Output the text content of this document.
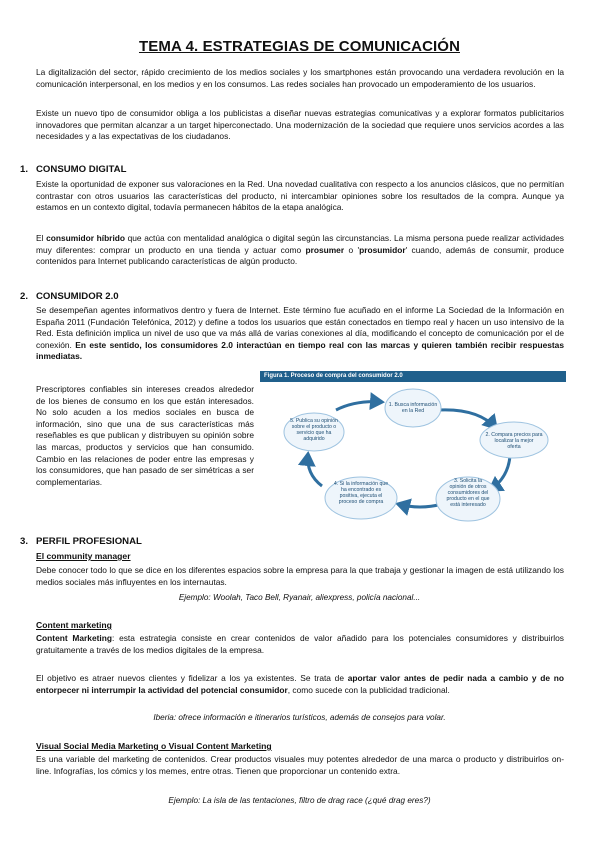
TEMA 4. ESTRATEGIAS DE COMUNICACIÓN

La digitalización del sector, rápido crecimiento de los medios sociales y los smartphones están provocando una verdadera revolución en la comunicación interpersonal, en los medios y en los consumos. Las redes sociales han provocado un empoderamiento de los usuarios.

Existe un nuevo tipo de consumidor obliga a los publicistas a diseñar nuevas estrategias comunicativas y a explorar formatos publicitarios innovadores que permitan alcanzar a un target hiperconectado. Una modernización de la sociedad que requiere unos servicios acordes a las necesidades y a las expectativas de los ciudadanos.

1. CONSUMO DIGITAL

Existe la oportunidad de exponer sus valoraciones en la Red. Una novedad cualitativa con respecto a los anuncios clásicos, que no permitían contrastar con otros usuarios las características del producto, ni intercambiar opiniones sobre los resultados de la compra. Aunque ya estamos en un contexto digital, todavía permanecen hábitos de la etapa analógica.

El consumidor híbrido que actúa con mentalidad analógica o digital según las circunstancias. La misma persona puede realizar actividades muy diferentes: comprar un producto en una tienda y actuar como prosumer o 'prosumidor' cuando, además de consumir, produce contenidos para Internet publicando características de algún producto.

2. CONSUMIDOR 2.0

Se desempeñan agentes informativos dentro y fuera de Internet. Este término fue acuñado en el informe La Sociedad de la Información en España 2011 (Fundación Telefónica, 2012) y define a todos los usuarios que están conectados en tiempo real y hacen un uso intensivo de la Red. Esta definición implica un nivel de uso que va más allá de varias conexiones al día, modificando el concepto de comunicación por el de conexión. En este sentido, los consumidores 2.0 interactúan en tiempo real con las marcas y quieren también recibir respuestas inmediatas.

Prescriptores confiables sin intereses creados alrededor de los bienes de consumo en los que están interesados. No solo acuden a los medios sociales en busca de información, sino que una de sus características más reseñables es que publican y distribuyen su opinión sobre las marcas, productos y servicios que han consumido. Cambio en las relaciones de poder entre las empresas y los consumidores, que han pasado de ser simétricas a ser complementarias.

Figura 1. Proceso de compra del consumidor 2.0
1. Busca información en la Red
2. Compara precios para localizar la mejor oferta
3. Solicita la opinión de otros consumidores del producto en el que está interesado
4. Si la información que ha encontrado es positiva, ejecuta el proceso de compra
5. Publica su opinión sobre el producto o servicio que ha adquirido
3. PERFIL PROFESIONAL
El community manager

Debe conocer todo lo que se dice en los diferentes espacios sobre la empresa para la que trabaja y gestionar la imagen de está utilizando los medios sociales más influyentes en los internautas.

Ejemplo: Woolah, Taco Bell, Ryanair, aliexpress, policía nacional...

Content marketing

Content Marketing: esta estrategia consiste en crear contenidos de valor añadido para los potenciales consumidores y distribuirlos gratuitamente a través de los medios digitales de la empresa.

El objetivo es atraer nuevos clientes y fidelizar a los ya existentes. Se trata de aportar valor antes de pedir nada a cambio y de no entorpecer ni interrumpir la actividad del potencial consumidor, como sucede con la publicidad tradicional.

Iberia: ofrece información e itinerarios turísticos, además de consejos para volar.

Visual Social Media Marketing o Visual Content Marketing

Es una variable del marketing de contenidos. Crear productos visuales muy potentes alrededor de una marca o producto y distribuirlos on-line. Infografías, los cómics y los memes, entre otras. Tienen que proporcionar un contenido extra.

Ejemplo: La isla de las tentaciones, filtro de drag race (¿qué drag eres?)
